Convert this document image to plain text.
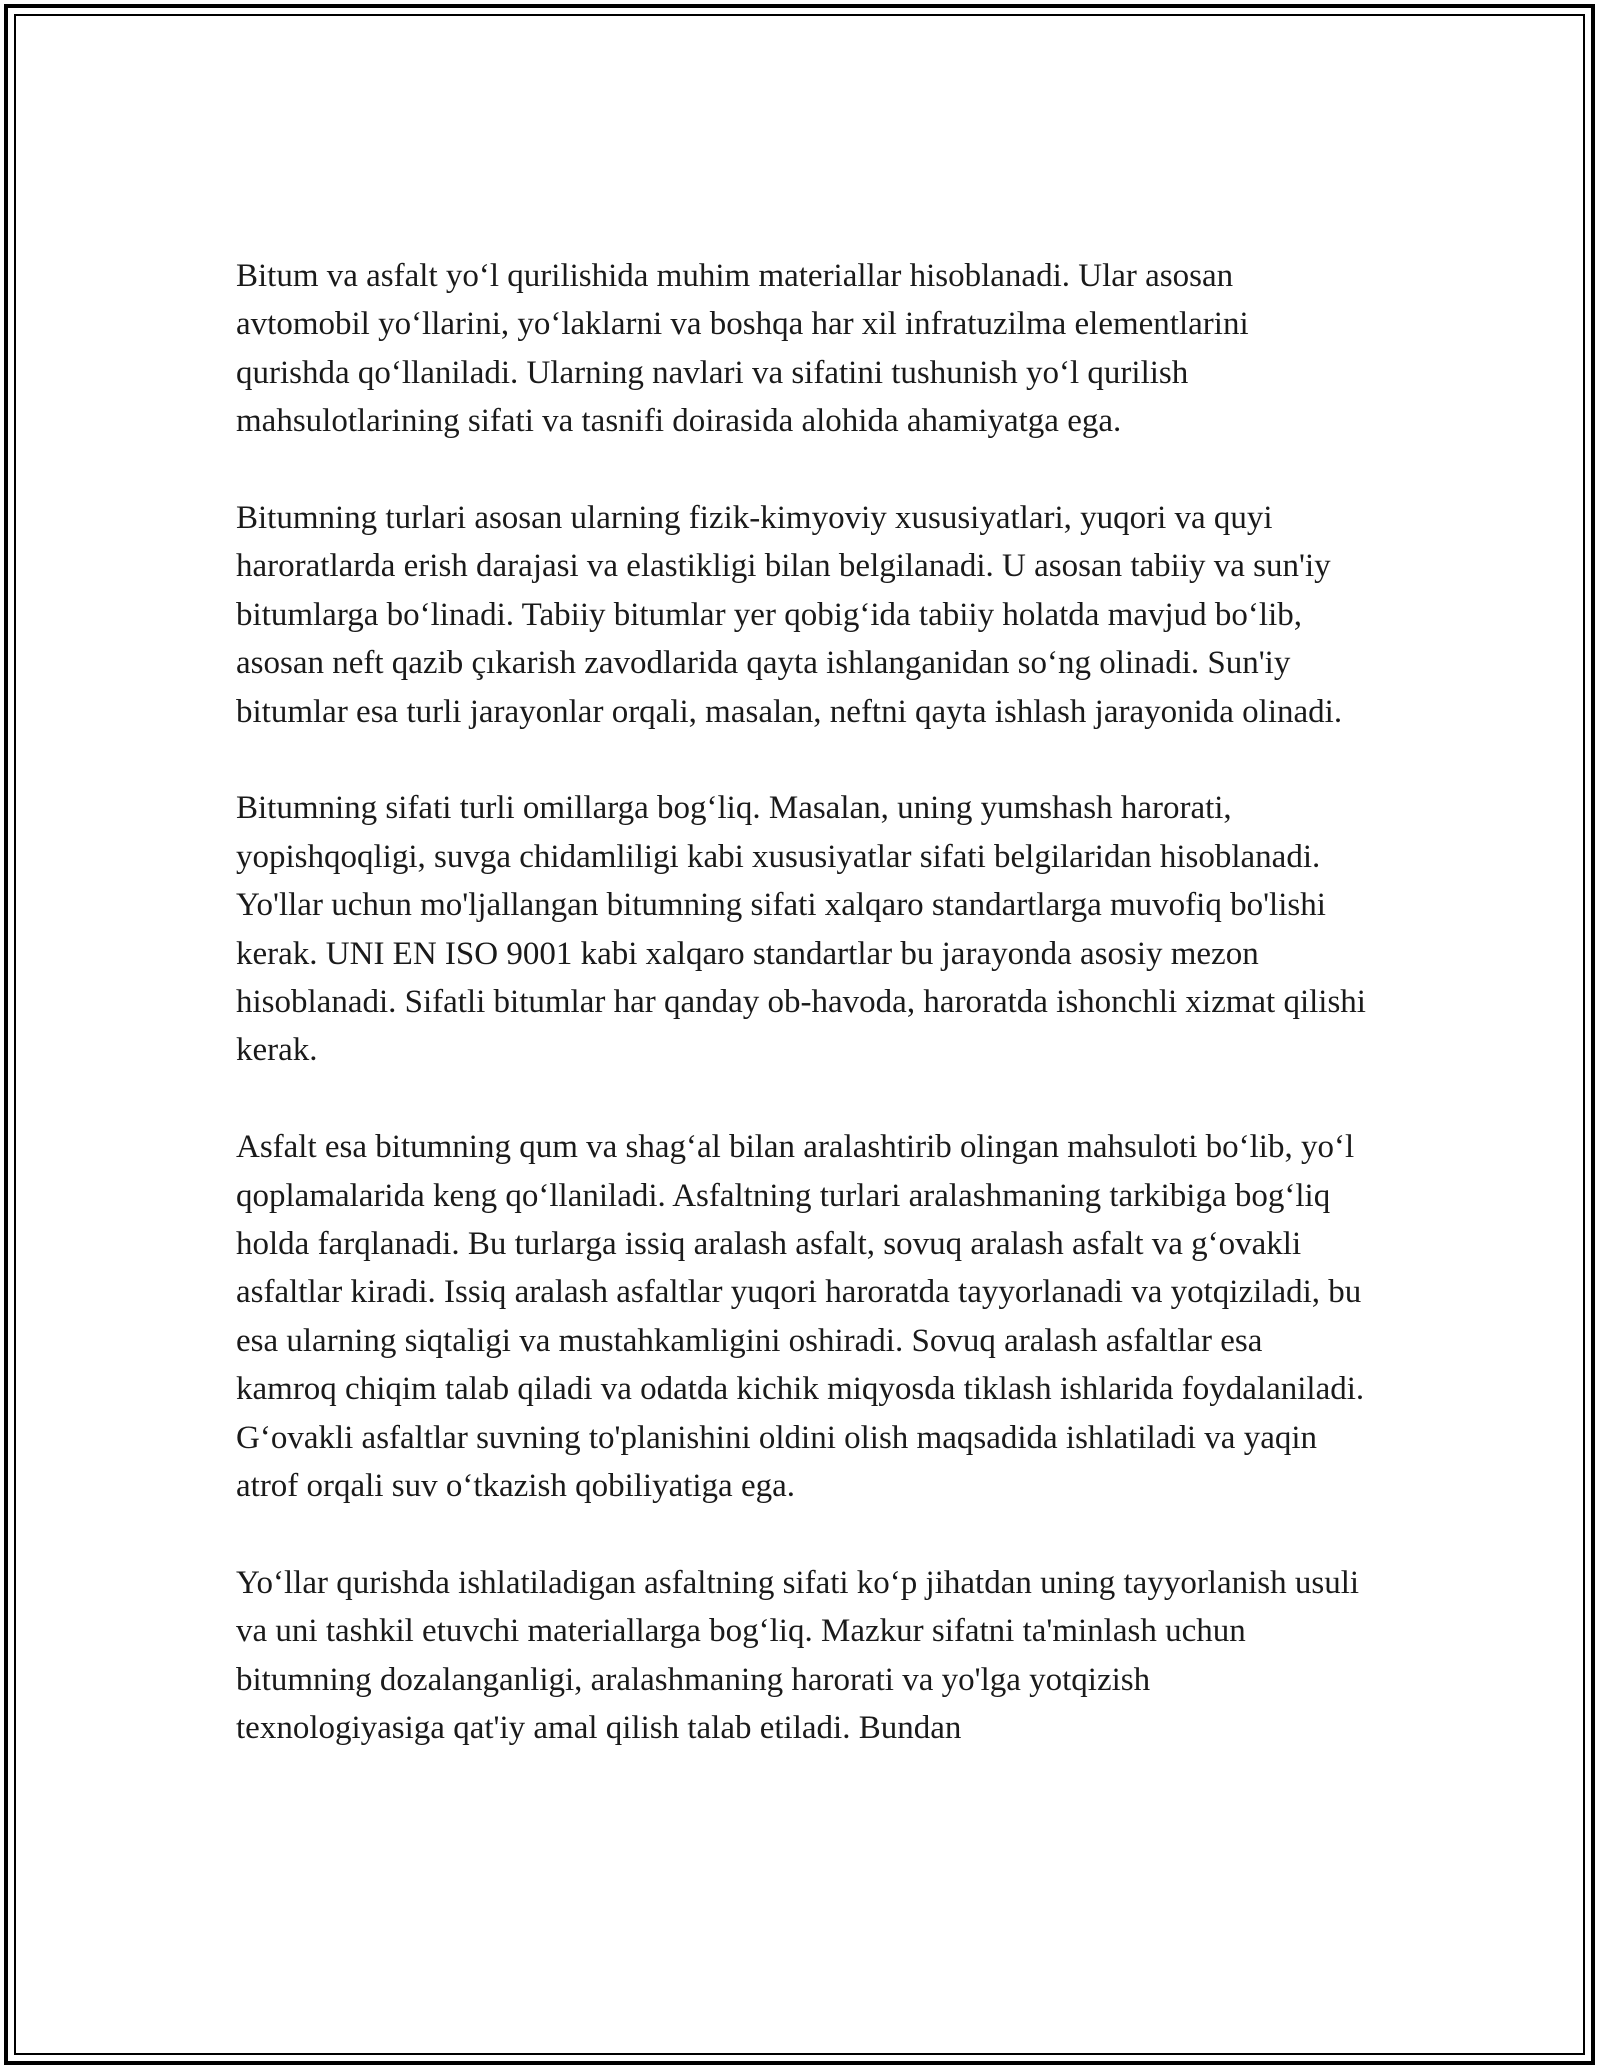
Bitum va asfalt yo‘l qurilishida muhim materiallar hisoblanadi. Ular asosan avtomobil yo‘llarini, yo‘laklarni va boshqa har xil infratuzilma elementlarini qurishda qo‘llaniladi. Ularning navlari va sifatini tushunish yo‘l qurilish mahsulotlarining sifati va tasnifi doirasida alohida ahamiyatga ega.

Bitumning turlari asosan ularning fizik-kimyoviy xususiyatlari, yuqori va quyi haroratlarda erish darajasi va elastikligi bilan belgilanadi. U asosan tabiiy va sun'iy bitumlarga bo‘linadi. Tabiiy bitumlar yer qobig‘ida tabiiy holatda mavjud bo‘lib, asosan neft qazib çıkarish zavodlarida qayta ishlanganidan so‘ng olinadi. Sun'iy bitumlar esa turli jarayonlar orqali, masalan, neftni qayta ishlash jarayonida olinadi.

Bitumning sifati turli omillarga bog‘liq. Masalan, uning yumshash harorati, yopishqoqligi, suvga chidamliligi kabi xususiyatlar sifati belgilaridan hisoblanadi. Yo'llar uchun mo'ljallangan bitumning sifati xalqaro standartlarga muvofiq bo'lishi kerak. UNI EN ISO 9001 kabi xalqaro standartlar bu jarayonda asosiy mezon hisoblanadi. Sifatli bitumlar har qanday ob-havoda, haroratda ishonchli xizmat qilishi kerak.

Asfalt esa bitumning qum va shag‘al bilan aralashtirib olingan mahsuloti bo‘lib, yo‘l qoplamalarida keng qo‘llaniladi. Asfaltning turlari aralashmaning tarkibiga bog‘liq holda farqlanadi. Bu turlarga issiq aralash asfalt, sovuq aralash asfalt va g‘ovakli asfaltlar kiradi. Issiq aralash asfaltlar yuqori haroratda tayyorlanadi va yotqiziladi, bu esa ularning siqtaligi va mustahkamligini oshiradi. Sovuq aralash asfaltlar esa kamroq chiqim talab qiladi va odatda kichik miqyosda tiklash ishlarida foydalaniladi. G‘ovakli asfaltlar suvning to'planishini oldini olish maqsadida ishlatiladi va yaqin atrof orqali suv o‘tkazish qobiliyatiga ega.

Yo‘llar qurishda ishlatiladigan asfaltning sifati ko‘p jihatdan uning tayyorlanish usuli va uni tashkil etuvchi materiallarga bog‘liq. Mazkur sifatni ta'minlash uchun bitumning dozalanganligi, aralashmaning harorati va yo'lga yotqizish texnologiyasiga qat'iy amal qilish talab etiladi. Bundan
